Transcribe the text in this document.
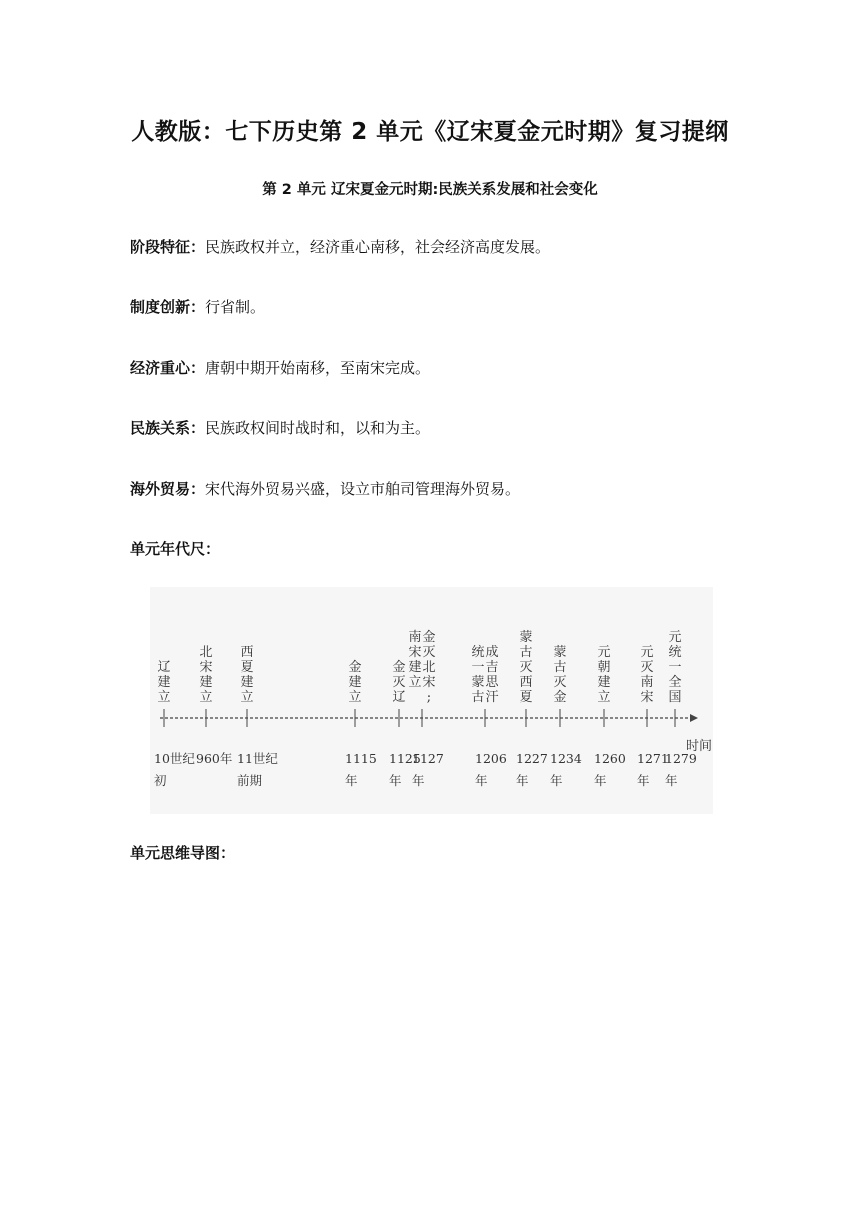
人教版：七下历史第 2 单元《辽宋夏金元时期》复习提纲
第 2 单元 辽宋夏金元时期:民族关系发展和社会变化
阶段特征：民族政权并立，经济重心南移，社会经济高度发展。
制度创新：行省制。
经济重心：唐朝中期开始南移，至南宋完成。
民族关系：民族政权间时战时和，以和为主。
海外贸易：宋代海外贸易兴盛，设立市舶司管理海外贸易。
单元年代尺：
时间
辽
建
立
10世纪
初
北
宋
建
立
960年
西
夏
建
立
11世纪
前期
金
建
立
1115
年
金
灭
辽
1125
年
金
灭
北
宋
;
南
宋
建
立
1127
年
成
吉
思
汗
统
一
蒙
古
1206
年
蒙
古
灭
西
夏
1227
年
蒙
古
灭
金
1234
年
元
朝
建
立
1260
年
元
灭
南
宋
1271
年
元
统
一
全
国
1279
年
单元思维导图：
